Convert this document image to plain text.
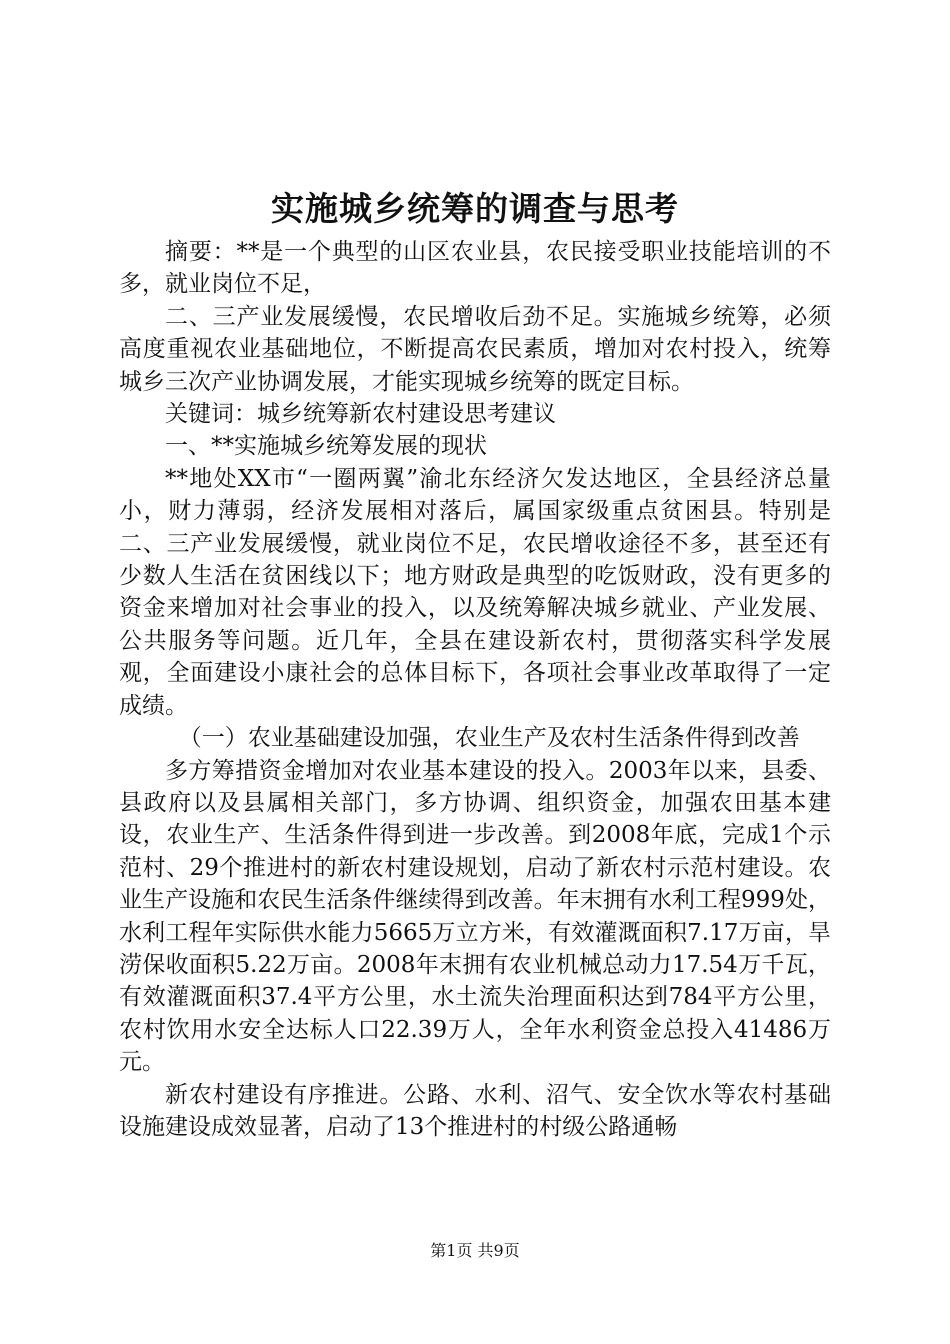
实施城乡统筹的调查与思考

摘要：**是一个典型的山区农业县，农民接受职业技能培训的不多，就业岗位不足，

二、三产业发展缓慢，农民增收后劲不足。实施城乡统筹，必须高度重视农业基础地位，不断提高农民素质，增加对农村投入，统筹城乡三次产业协调发展，才能实现城乡统筹的既定目标。

关键词：城乡统筹新农村建设思考建议

一、**实施城乡统筹发展的现状

**地处XX市“一圈两翼”渝北东经济欠发达地区，全县经济总量小，财力薄弱，经济发展相对落后，属国家级重点贫困县。特别是二、三产业发展缓慢，就业岗位不足，农民增收途径不多，甚至还有少数人生活在贫困线以下；地方财政是典型的吃饭财政，没有更多的资金来增加对社会事业的投入，以及统筹解决城乡就业、产业发展、公共服务等问题。近几年，全县在建设新农村，贯彻落实科学发展观，全面建设小康社会的总体目标下，各项社会事业改革取得了一定成绩。

（一）农业基础建设加强，农业生产及农村生活条件得到改善

多方筹措资金增加对农业基本建设的投入。2003年以来，县委、县政府以及县属相关部门，多方协调、组织资金，加强农田基本建设，农业生产、生活条件得到进一步改善。到2008年底，完成1个示范村、29个推进村的新农村建设规划，启动了新农村示范村建设。农业生产设施和农民生活条件继续得到改善。年末拥有水利工程999处，水利工程年实际供水能力5665万立方米，有效灌溉面积7.17万亩，旱涝保收面积5.22万亩。2008年末拥有农业机械总动力17.54万千瓦，有效灌溉面积37.4平方公里，水土流失治理面积达到784平方公里，农村饮用水安全达标人口22.39万人，全年水利资金总投入41486万元。

新农村建设有序推进。公路、水利、沼气、安全饮水等农村基础设施建设成效显著，启动了13个推进村的村级公路通畅

第1页 共9页
